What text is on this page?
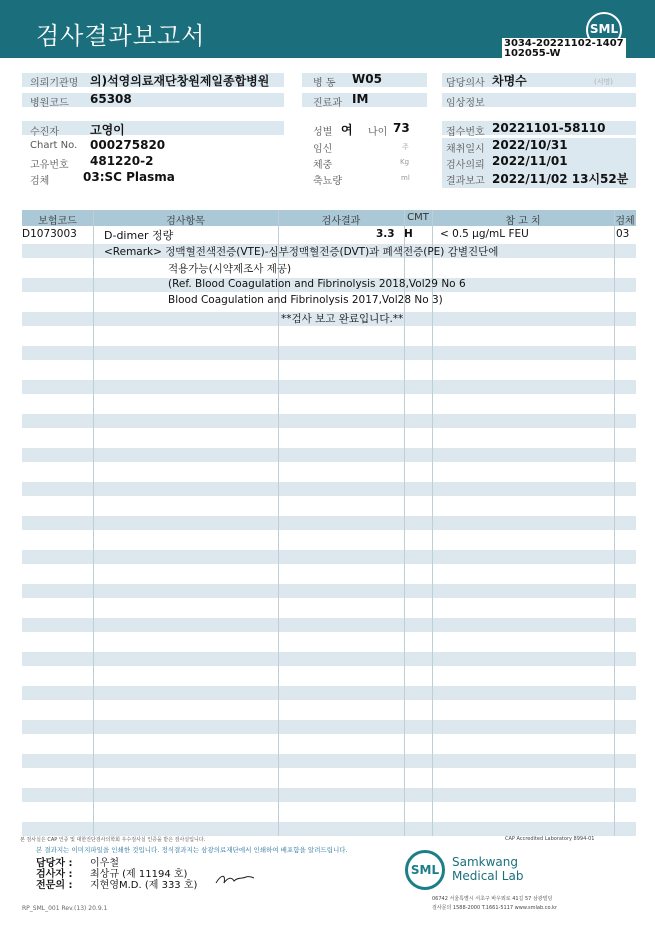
검사결과보고서	SML
3034-20221102-1407
102055-W
의뢰기관명 의)석영의료재단창원제일종합병원
병원코드 65308
병 동 W05
진료과 IM
담당의사 차명수	(서명)
임상정보
수진자	고영이
Chart No. 000275820
고유번호 481220-2
검체	03:SC Plasma
성별 여 나이 73
임신	주
체중	Kg
축뇨량	ml
접수번호 20221101-58110
채취일시 2022/10/31
검사의뢰 2022/11/01
결과보고 2022/11/02 13시52분
보험코드	검사항목	검사결과	CMT	참 고 치	검체
D1073003 D-dimer 정량	3.3 H	< 0.5 μg/mL FEU	03
<Remark> 정맥혈전색전증(VTE)-심부정맥혈전증(DVT)과 폐색전증(PE) 감별진단에
적용가능(시약제조사 제공)
(Ref. Blood Coagulation and Fibrinolysis 2018,Vol29 No 6
Blood Coagulation and Fibrinolysis 2017,Vol28 No 3)
**검사 보고 완료입니다.**
본 검사실은 CAP 인증 및 대한진단검사의학회 우수검사실 인증을 받은 검사실입니다.	CAP Accredited Laboratory 8994-01
본 결과지는 이미지파일을 인쇄한 것입니다. 정식결과지는 삼광의료재단에서 인쇄하여 배포함을 알려드립니다.
담당자 : 이우철
검사자 : 최상규 (제 11194 호)
전문의 : 지현영M.D. (제 333 호)
SML
Samkwang
Medical Lab
06742 서울특별시 서초구 바우뫼로 41길 57 삼광빌딩
검사문의 1588-2000 T.1661-5117 www.smlab.co.kr
RP_SML_001 Rev.(13) 20.9.1
